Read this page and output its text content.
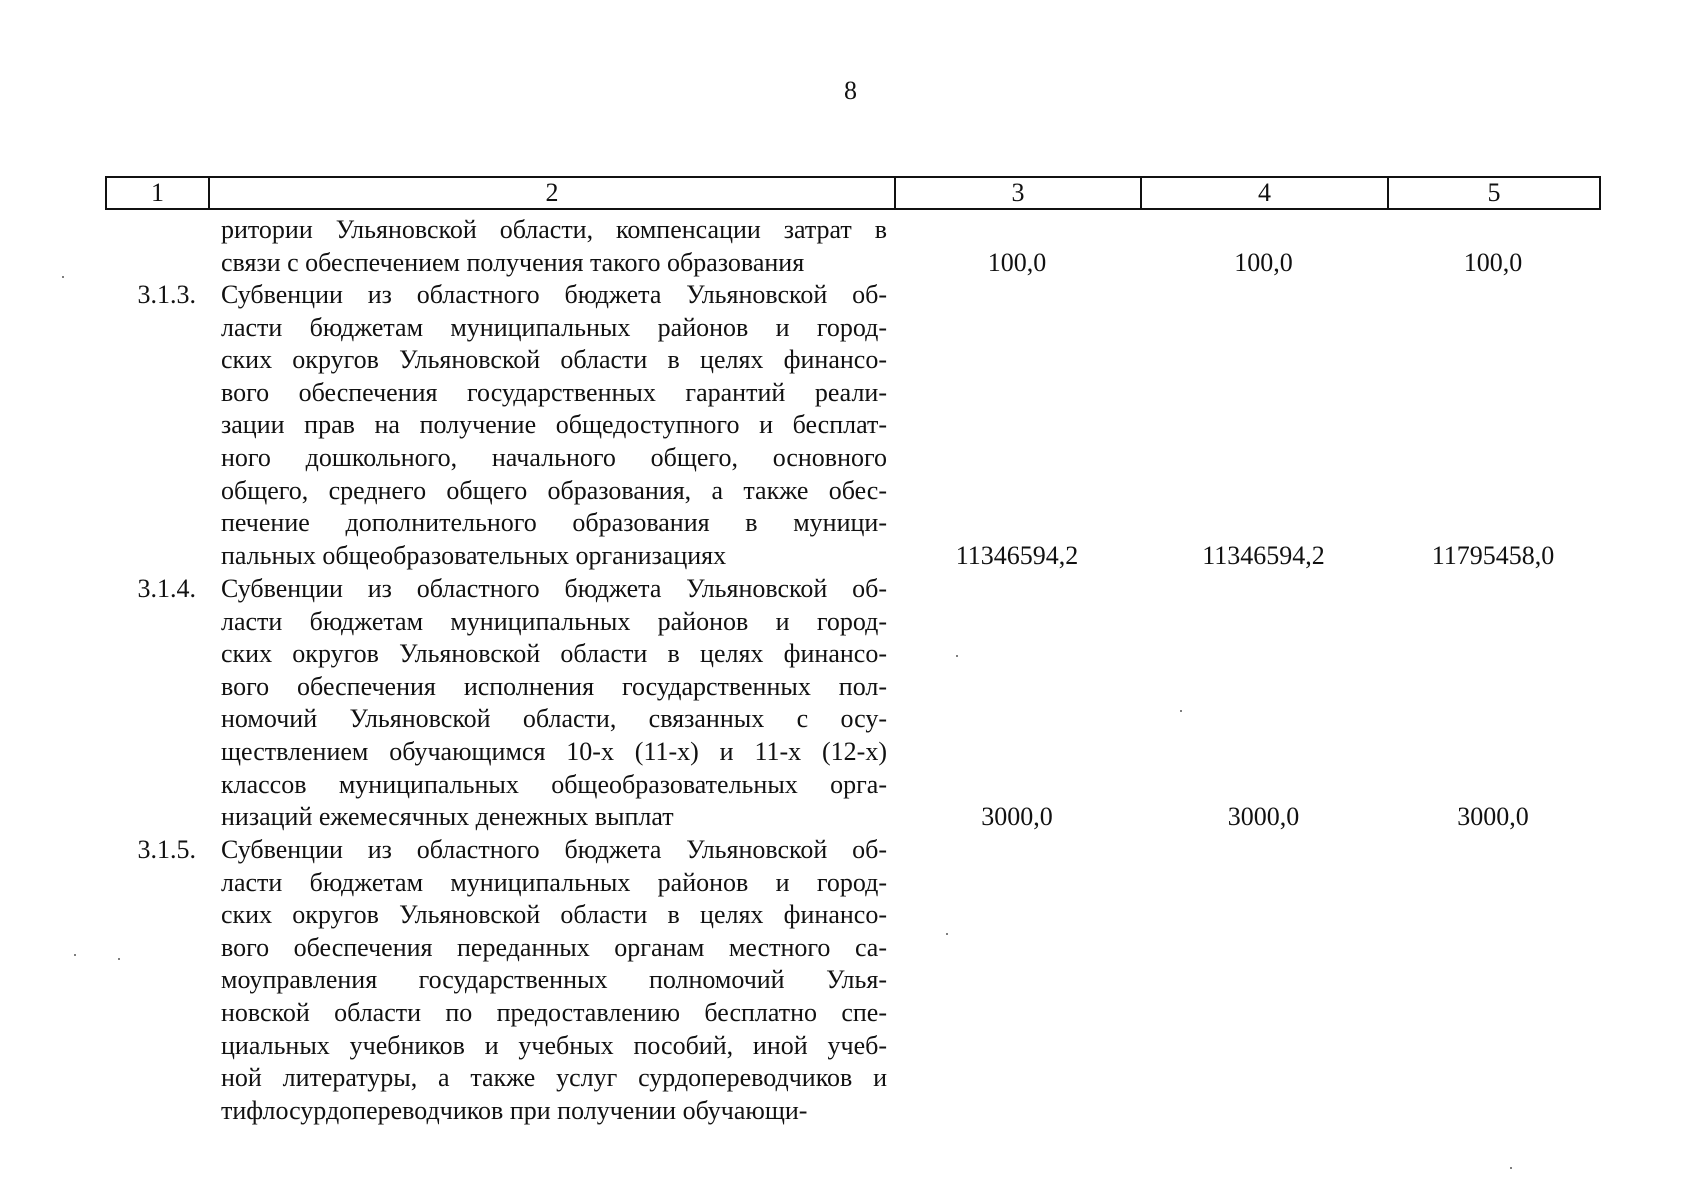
8
1	2	3	4	5
ритории Ульяновской области, компенсации затрат в
связи с обеспечением получения такого образования	100,0	100,0	100,0
3.1.3. Субвенции из областного бюджета Ульяновской об-
ласти бюджетам муниципальных районов и город-
ских округов Ульяновской области в целях финансо-
вого обеспечения государственных гарантий реали-
зации прав на получение общедоступного и бесплат-
ного дошкольного, начального общего, основного
общего, среднего общего образования, а также обес-
печение дополнительного образования в муници-
пальных общеобразовательных организациях	11346594,2	11346594,2	11795458,0
3.1.4. Субвенции из областного бюджета Ульяновской об-
ласти бюджетам муниципальных районов и город-
ских округов Ульяновской области в целях финансо-
вого обеспечения исполнения государственных пол-
номочий Ульяновской области, связанных с осу-
ществлением обучающимся 10-х (11-х) и 11-х (12-х)
классов муниципальных общеобразовательных орга-
низаций ежемесячных денежных выплат	3000,0	3000,0	3000,0
3.1.5. Субвенции из областного бюджета Ульяновской об-
ласти бюджетам муниципальных районов и город-
ских округов Ульяновской области в целях финансо-
вого обеспечения переданных органам местного са-
моуправления государственных полномочий Улья-
новской области по предоставлению бесплатно спе-
циальных учебников и учебных пособий, иной учеб-
ной литературы, а также услуг сурдопереводчиков и
тифлосурдопереводчиков при получении обучающи-
